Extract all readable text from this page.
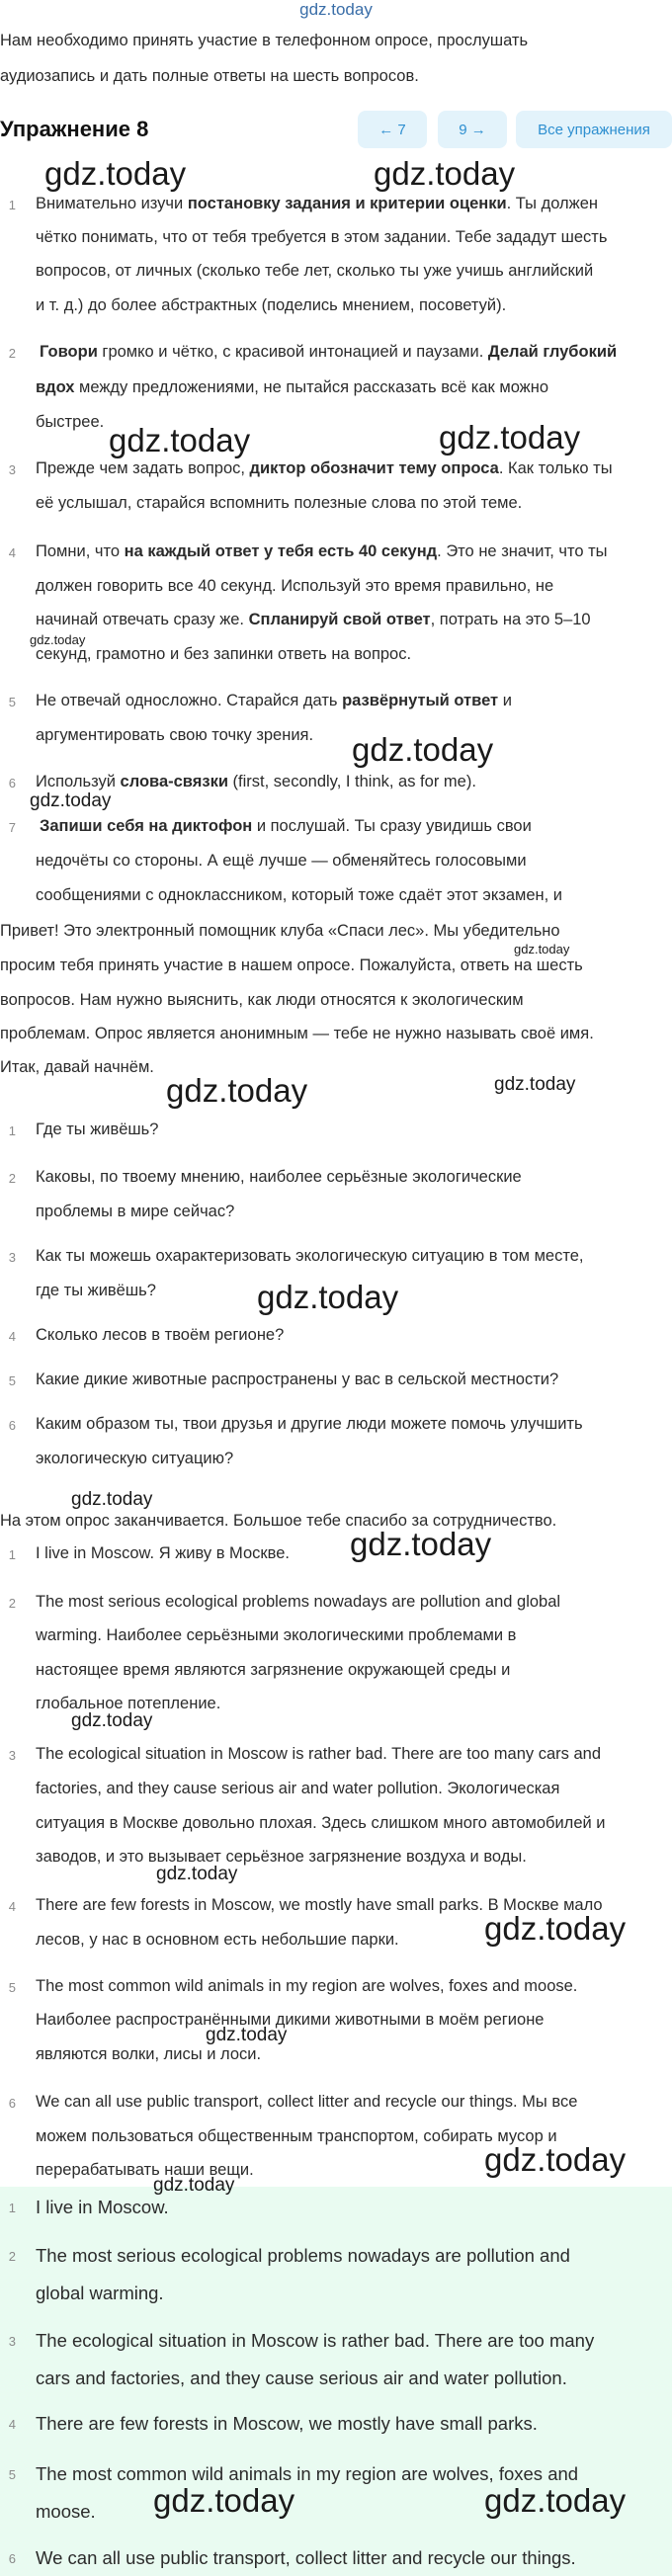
gdz.today
Нам необходимо принять участие в телефонном опросе, прослушать
аудиозапись и дать полные ответы на шесть вопросов.
Упражнение 8	← 7	9 →	Все упражнения
1 Внимательно изучи постановку задания и критерии оценки. Ты должен
чётко понимать, что от тебя требуется в этом задании. Тебе зададут шесть
вопросов, от личных (сколько тебе лет, сколько ты уже учишь английский
и т. д.) до более абстрактных (поделись мнением, посоветуй).
2 Говори громко и чётко, с красивой интонацией и паузами. Делай глубокий
вдох между предложениями, не пытайся рассказать всё как можно
быстрее.
3 Прежде чем задать вопрос, диктор обозначит тему опроса. Как только ты
её услышал, старайся вспомнить полезные слова по этой теме.
4 Помни, что на каждый ответ у тебя есть 40 секунд. Это не значит, что ты
должен говорить все 40 секунд. Используй это время правильно, не
начинай отвечать сразу же. Спланируй свой ответ, потрать на это 5–10
секунд, грамотно и без запинки ответь на вопрос.
5 Не отвечай односложно. Старайся дать развёрнутый ответ и
аргументировать свою точку зрения.
6 Используй слова-связки (first, secondly, I think, as for me).
7 Запиши себя на диктофон и послушай. Ты сразу увидишь свои
недочёты со стороны. А ещё лучше — обменяйтесь голосовыми
сообщениями с одноклассником, который тоже сдаёт этот экзамен, и
Привет! Это электронный помощник клуба «Спаси лес». Мы убедительно
просим тебя принять участие в нашем опросе. Пожалуйста, ответь на шесть
вопросов. Нам нужно выяснить, как люди относятся к экологическим
проблемам. Опрос является анонимным — тебе не нужно называть своё имя.
Итак, давай начнём.
1 Где ты живёшь?
2 Каковы, по твоему мнению, наиболее серьёзные экологические
проблемы в мире сейчас?
3 Как ты можешь охарактеризовать экологическую ситуацию в том месте,
где ты живёшь?
4 Сколько лесов в твоём регионе?
5 Какие дикие животные распространены у вас в сельской местности?
6 Каким образом ты, твои друзья и другие люди можете помочь улучшить
экологическую ситуацию?
На этом опрос заканчивается. Большое тебе спасибо за сотрудничество.
1 I live in Moscow. Я живу в Москве.
2 The most serious ecological problems nowadays are pollution and global
warming. Наиболее серьёзными экологическими проблемами в
настоящее время являются загрязнение окружающей среды и
глобальное потепление.
3 The ecological situation in Moscow is rather bad. There are too many cars and
factories, and they cause serious air and water pollution. Экологическая
ситуация в Москве довольно плохая. Здесь слишком много автомобилей и
заводов, и это вызывает серьёзное загрязнение воздуха и воды.
4 There are few forests in Moscow, we mostly have small parks. В Москве мало
лесов, у нас в основном есть небольшие парки.
5 The most common wild animals in my region are wolves, foxes and moose.
Наиболее распространёнными дикими животными в моём регионе
являются волки, лисы и лоси.
6 We can all use public transport, collect litter and recycle our things. Мы все
можем пользоваться общественным транспортом, собирать мусор и
перерабатывать наши вещи.
1 I live in Moscow.
2 The most serious ecological problems nowadays are pollution and
global warming.
3 The ecological situation in Moscow is rather bad. There are too many
cars and factories, and they cause serious air and water pollution.
4 There are few forests in Moscow, we mostly have small parks.
5 The most common wild animals in my region are wolves, foxes and
moose.
6 We can all use public transport, collect litter and recycle our things.
gdz.today	gdz.today
gdz.today	gdz.today
gdz.today
gdz.today
gdz.today
gdz.today
gdz.today	gdz.today
gdz.today
gdz.today
gdz.today
gdz.today
gdz.today
gdz.today
gdz.today
gdz.today
gdz.today
gdz.today	gdz.today
